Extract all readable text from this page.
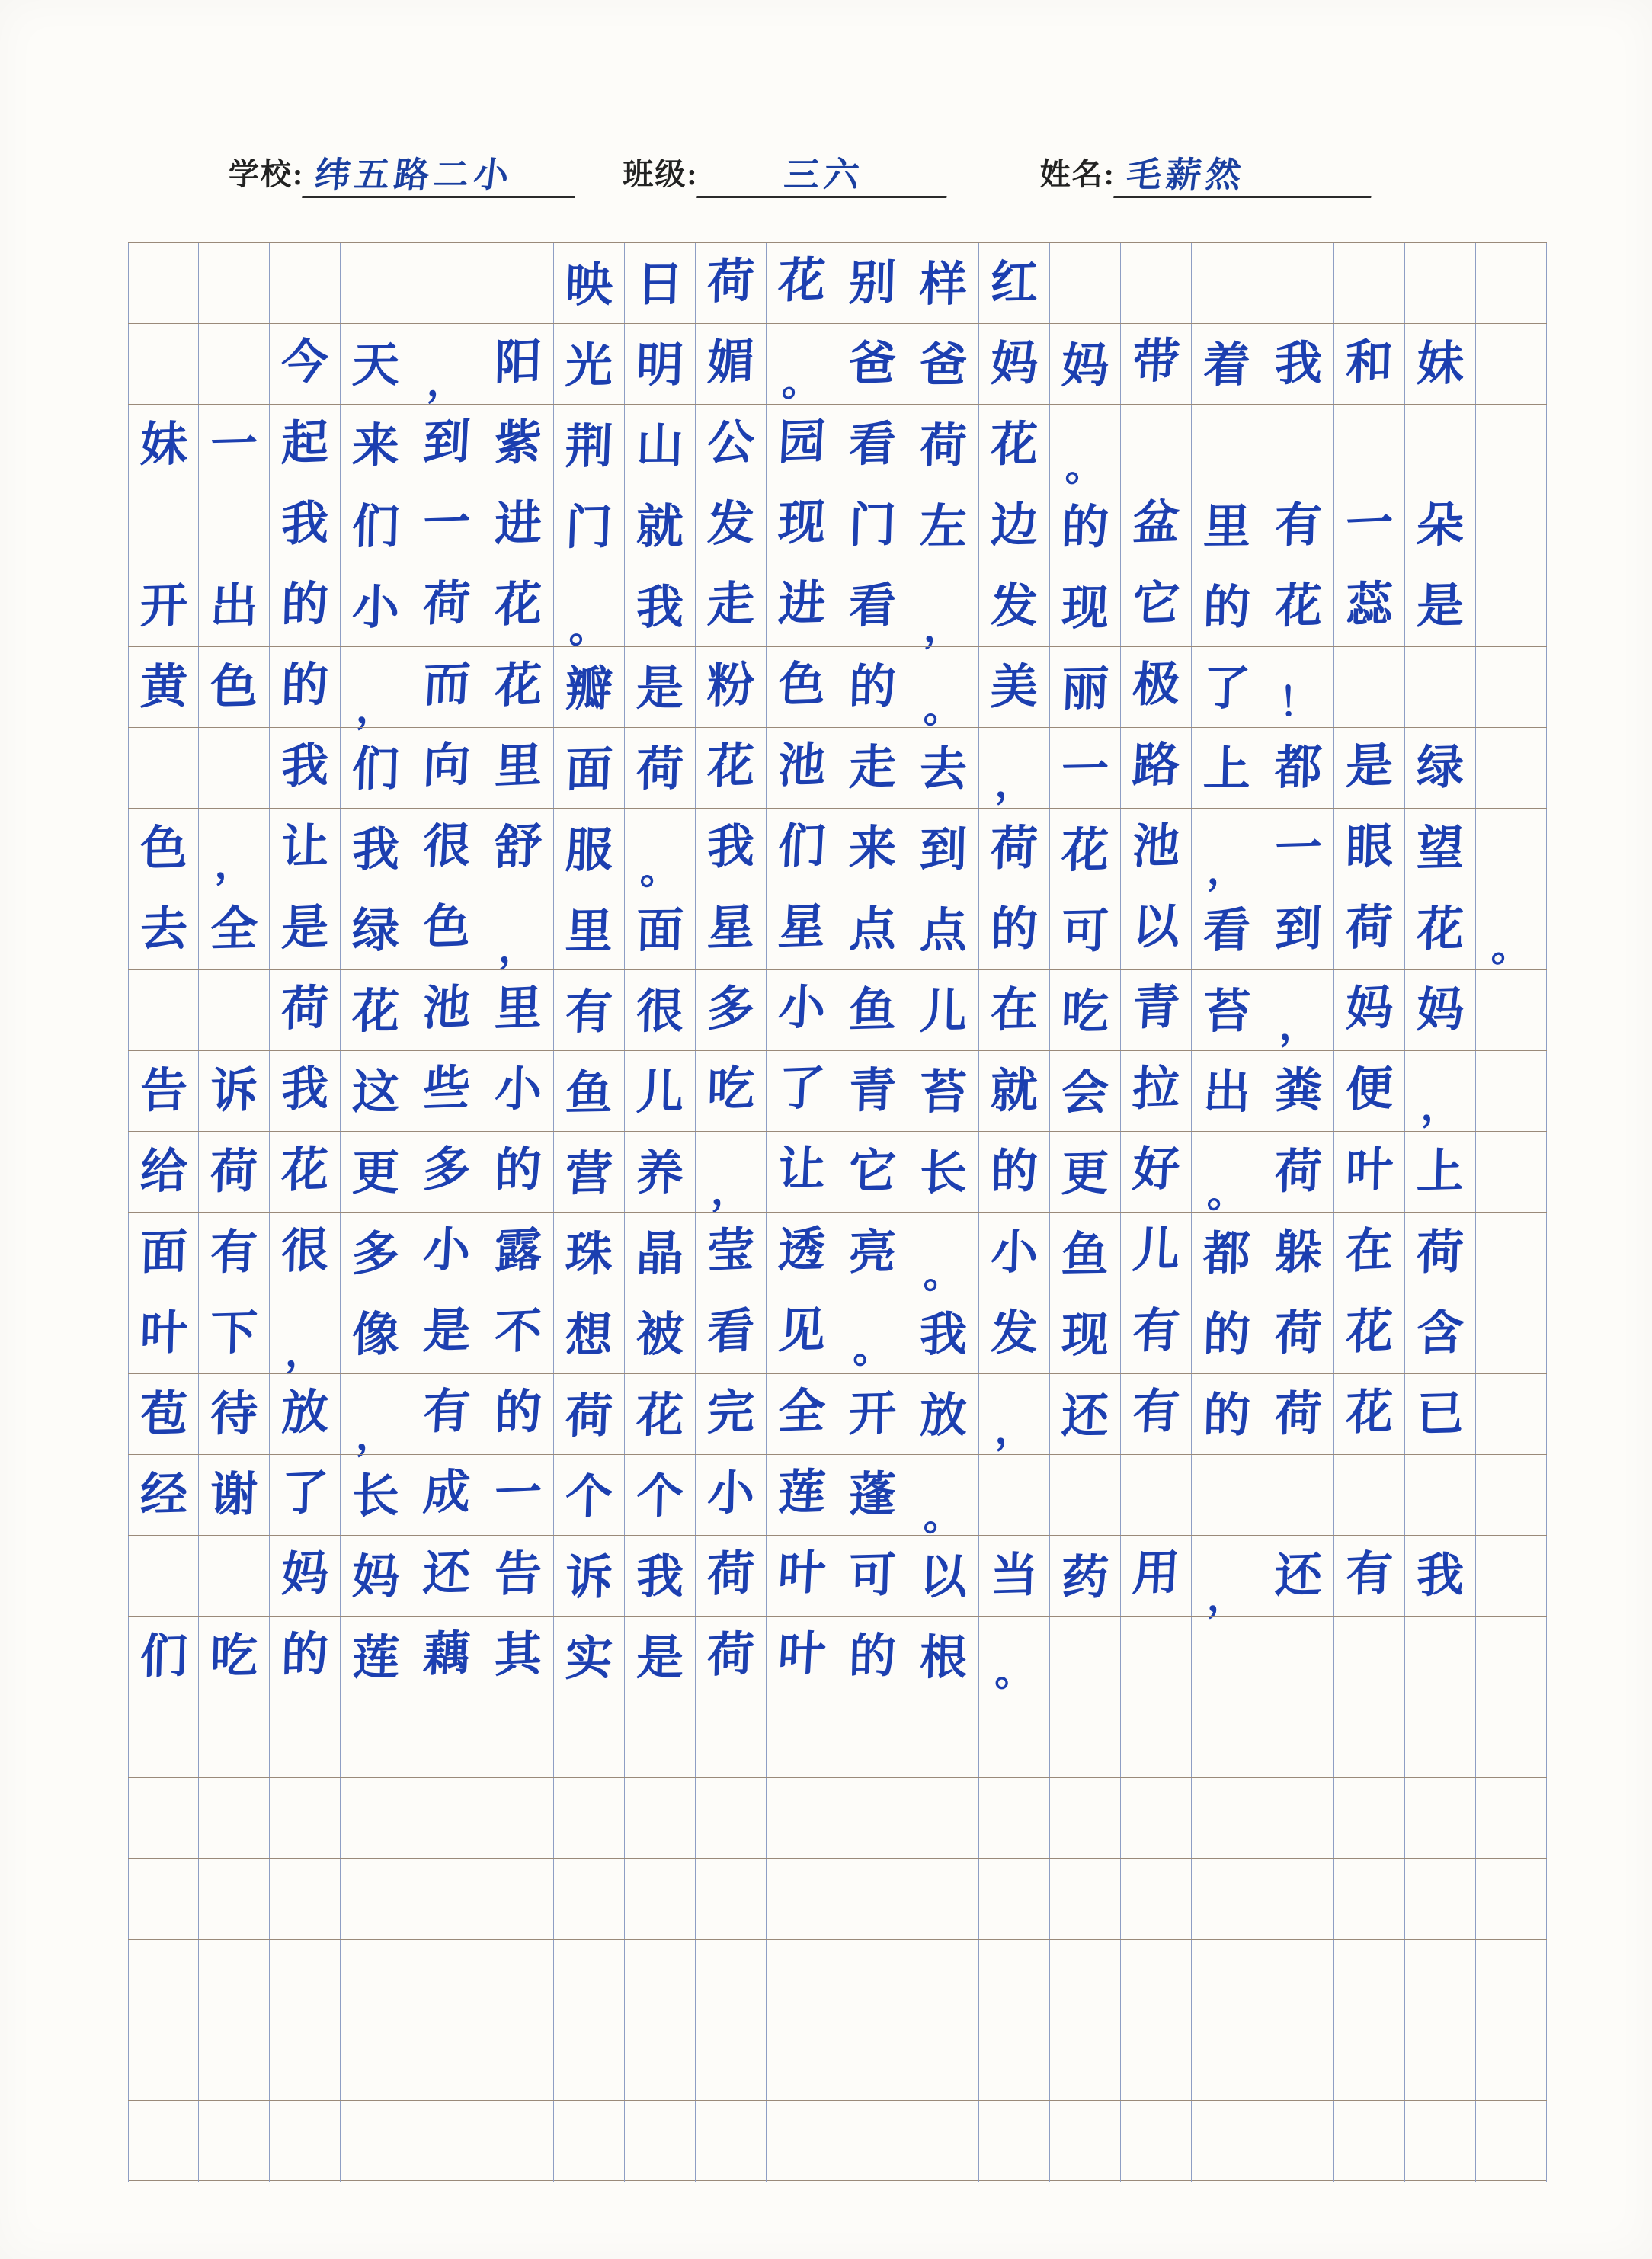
学校: 纬五路二小	班级:	三六	姓名: 毛薪然
映 日 荷 花 别 样 红
今 天 ， 阳 光 明 媚 。 爸 爸 妈 妈 带 着 我 和 妹
妹 一 起 来 到 紫 荆 山 公 园 看 荷 花 。
我 们 一 进 门 就 发 现 门 左 边 的 盆 里 有 一 朵
开 出 的 小 荷 花 。 我 走 进 看 ， 发 现 它 的 花 蕊 是
黄 色 的 ， 而 花 瓣 是 粉 色 的 。 美 丽 极 了 ！
我 们 向 里 面 荷 花 池 走 去 ， 一 路 上 都 是 绿
色 ， 让 我 很 舒 服 。 我 们 来 到 荷 花 池 ， 一 眼 望
去 全 是 绿 色 ， 里 面 星 星 点 点 的 可 以 看 到 荷 花 。
荷 花 池 里 有 很 多 小 鱼 儿 在 吃 青 苔 ， 妈 妈
告 诉 我 这 些 小 鱼 儿 吃 了 青 苔 就 会 拉 出 粪 便 ，
给 荷 花 更 多 的 营 养 ， 让 它 长 的 更 好 。 荷 叶 上
面 有 很 多 小 露 珠 晶 莹 透 亮 。 小 鱼 儿 都 躲 在 荷
叶 下 ， 像 是 不 想 被 看 见 。 我 发 现 有 的 荷 花 含
苞 待 放 ， 有 的 荷 花 完 全 开 放 ， 还 有 的 荷 花 已
经 谢 了 长 成 一 个 个 小 莲 蓬 。
妈 妈 还 告 诉 我 荷 叶 可 以 当 药 用 ， 还 有 我
们 吃 的 莲 藕 其 实 是 荷 叶 的 根 。
